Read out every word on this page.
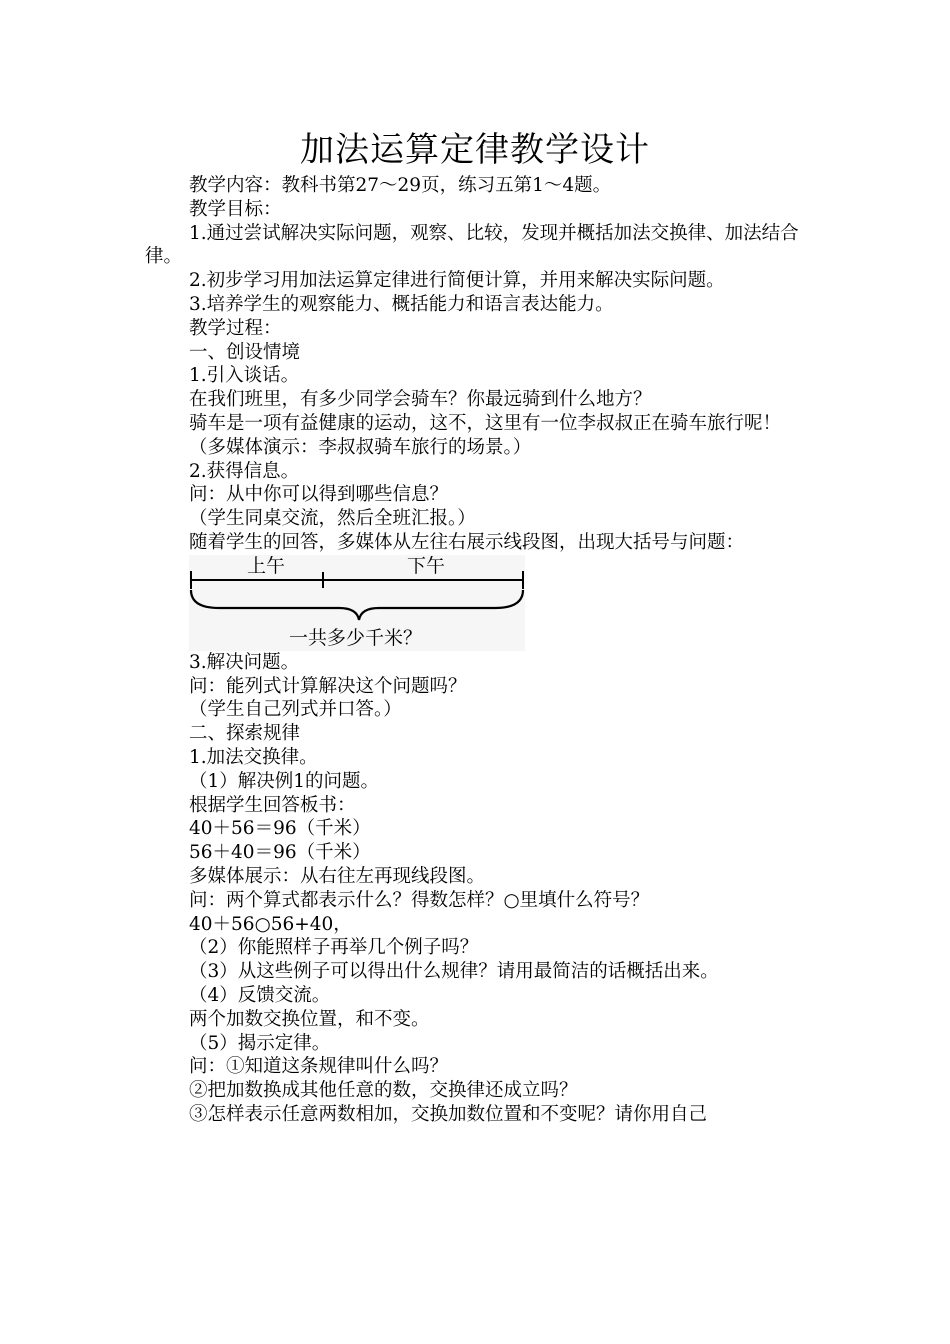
加法运算定律教学设计

教学内容：教科书第27～29页，练习五第1～4题。

教学目标：

1.通过尝试解决实际问题，观察、比较，发现并概括加法交换律、加法结合律。

2.初步学习用加法运算定律进行简便计算，并用来解决实际问题。

3.培养学生的观察能力、概括能力和语言表达能力。

教学过程：

一、创设情境

1.引入谈话。

在我们班里，有多少同学会骑车？你最远骑到什么地方？

骑车是一项有益健康的运动，这不，这里有一位李叔叔正在骑车旅行呢！

（多媒体演示：李叔叔骑车旅行的场景。）

2.获得信息。

问：从中你可以得到哪些信息？

（学生同桌交流，然后全班汇报。）

随着学生的回答，多媒体从左往右展示线段图，出现大括号与问题：

上午	下午
一共多少千米？

3.解决问题。

问：能列式计算解决这个问题吗？

（学生自己列式并口答。）

二、探索规律

1.加法交换律。

（1）解决例1的问题。

根据学生回答板书：

40＋56＝96（千米）

56＋40＝96（千米）

多媒体展示：从右往左再现线段图。

问：两个算式都表示什么？得数怎样？○里填什么符号？

40＋56○56+40，

（2）你能照样子再举几个例子吗？

（3）从这些例子可以得出什么规律？请用最简洁的话概括出来。

（4）反馈交流。

两个加数交换位置，和不变。

（5）揭示定律。

问：①知道这条规律叫什么吗？

②把加数换成其他任意的数，交换律还成立吗？

③怎样表示任意两数相加，交换加数位置和不变呢？请你用自己
